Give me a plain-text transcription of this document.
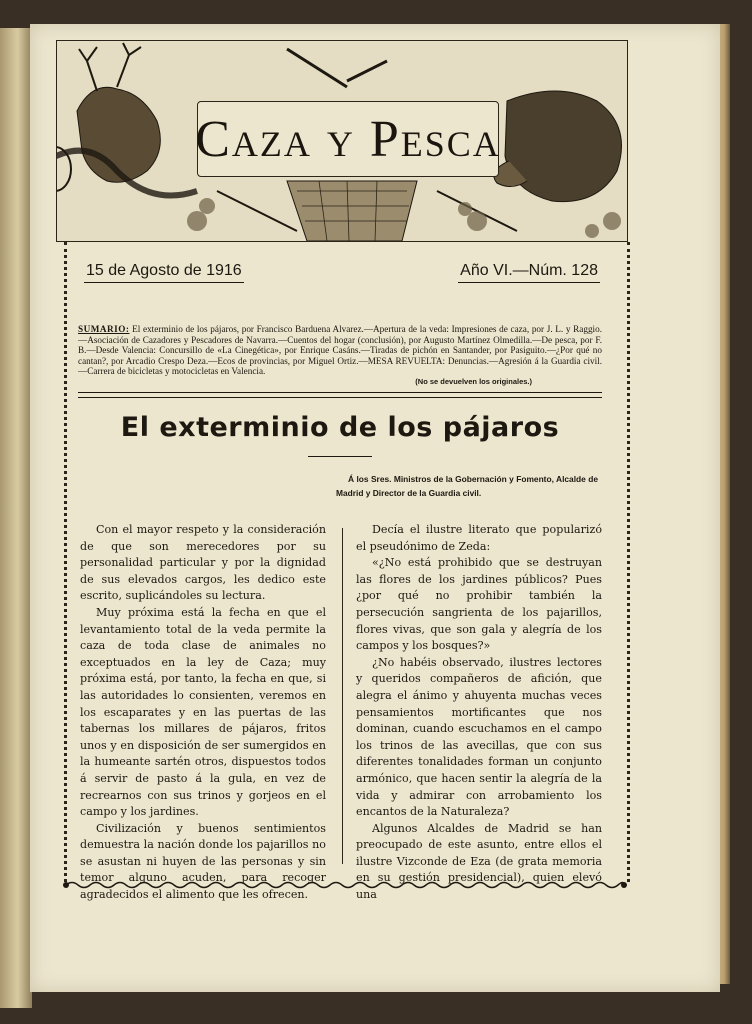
Caza y Pesca
15 de Agosto de 1916	Año VI.—Núm. 128
SUMARIO: El exterminio de los pájaros, por Francisco Barduena Alvarez.—Apertura de la veda: Impresiones de caza, por J. L. y Raggio.—Asociación de Cazadores y Pescadores de Navarra.—Cuentos del hogar (conclusión), por Augusto Martínez Olmedilla.—De pesca, por F. B.—Desde Valencia: Concursillo de «La Cinegética», por Enrique Casáns.—Tiradas de pichón en Santander, por Pasiguito.—¿Por qué no cantan?, por Arcadio Crespo Deza.—Ecos de provincias, por Miguel Ortiz.—MESA REVUELTA: Denuncias.—Agresión á la Guardia civil.—Carrera de bicicletas y motocicletas en Valencia.
(No se devuelven los originales.)
El exterminio de los pájaros
Á los Sres. Ministros de la Gobernación y Fomento, Alcalde de Madrid y Director de la Guardia civil.

Con el mayor respeto y la consideración de que son merecedores por su personalidad particular y por la dignidad de sus elevados cargos, les dedico este escrito, suplicándoles su lectura.

Muy próxima está la fecha en que el levantamiento total de la veda permite la caza de toda clase de animales no exceptuados en la ley de Caza; muy próxima está, por tanto, la fecha en que, si las autoridades lo consienten, veremos en los escaparates y en las puertas de las tabernas los millares de pájaros, fritos unos y en disposición de ser sumergidos en la humeante sartén otros, dispuestos todos á servir de pasto á la gula, en vez de recrearnos con sus trinos y gorjeos en el campo y los jardines.

Civilización y buenos sentimientos demuestra la nación donde los pajarillos no se asustan ni huyen de las personas y sin temor alguno acuden, para recoger agradecidos el alimento que les ofrecen.

Decía el ilustre literato que popularizó el pseudónimo de Zeda:

«¿No está prohibido que se destruyan las flores de los jardines públicos? Pues ¿por qué no prohibir también la persecución sangrienta de los pajarillos, flores vivas, que son gala y alegría de los campos y los bosques?»

¿No habéis observado, ilustres lectores y queridos compañeros de afición, que alegra el ánimo y ahuyenta muchas veces pensamientos mortificantes que nos dominan, cuando escuchamos en el campo los trinos de las avecillas, que con sus diferentes tonalidades forman un conjunto armónico, que hacen sentir la alegría de la vida y admirar con arrobamiento los encantos de la Naturaleza?

Algunos Alcaldes de Madrid se han preocupado de este asunto, entre ellos el ilustre Vizconde de Eza (de grata memoria en su gestión presidencial), quien elevó una
